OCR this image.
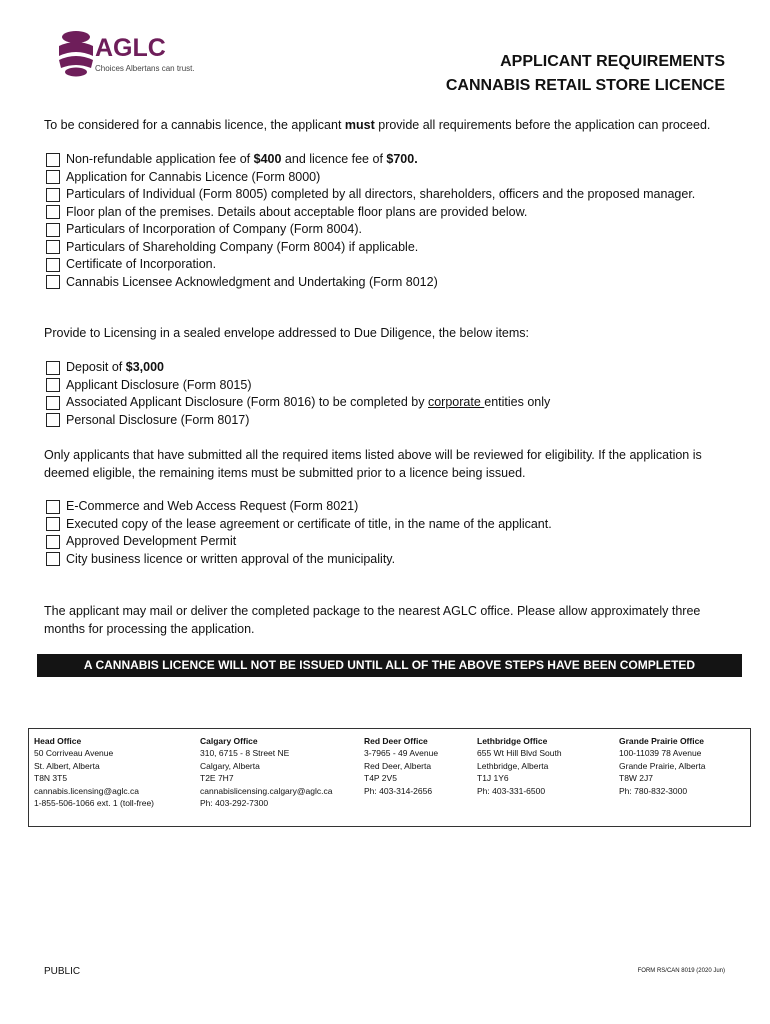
AGLC
Choices Albertans can trust.	APPLICANT REQUIREMENTS
CANNABIS RETAIL STORE LICENCE
To be considered for a cannabis licence, the applicant must provide all requirements before the application can proceed.
Non-refundable application fee of $400 and licence fee of $700.
Application for Cannabis Licence (Form 8000)
Particulars of Individual (Form 8005) completed by all directors, shareholders, officers and the proposed manager.
Floor plan of the premises. Details about acceptable floor plans are provided below.
Particulars of Incorporation of Company (Form 8004).
Particulars of Shareholding Company (Form 8004) if applicable.
Certificate of Incorporation.
Cannabis Licensee Acknowledgment and Undertaking (Form 8012)
Provide to Licensing in a sealed envelope addressed to Due Diligence, the below items:
Deposit of $3,000
Applicant Disclosure (Form 8015)
Associated Applicant Disclosure (Form 8016) to be completed by corporate entities only
Personal Disclosure (Form 8017)
Only applicants that have submitted all the required items listed above will be reviewed for eligibility. If the application is deemed eligible, the remaining items must be submitted prior to a licence being issued.
E-Commerce and Web Access Request (Form 8021)
Executed copy of the lease agreement or certificate of title, in the name of the applicant.
Approved Development Permit
City business licence or written approval of the municipality.
The applicant may mail or deliver the completed package to the nearest AGLC office. Please allow approximately three months for processing the application.
A CANNABIS LICENCE WILL NOT BE ISSUED UNTIL ALL OF THE ABOVE STEPS HAVE BEEN COMPLETED
Head Office
50 Corriveau Avenue
St. Albert, Alberta
T8N 3T5
cannabis.licensing@aglc.ca
1-855-506-1066 ext. 1 (toll-free)
Calgary Office
310, 6715 - 8 Street NE
Calgary, Alberta
T2E 7H7
cannabislicensing.calgary@aglc.ca
Ph: 403-292-7300
Red Deer Office
3-7965 - 49 Avenue
Red Deer, Alberta
T4P 2V5
Ph: 403-314-2656
Lethbridge Office
655 Wt Hill Blvd South
Lethbridge, Alberta
T1J 1Y6
Ph: 403-331-6500
Grande Prairie Office
100-11039 78 Avenue
Grande Prairie, Alberta
T8W 2J7
Ph: 780-832-3000
PUBLIC	FORM RS/CAN 8019 (2020 Jun)
